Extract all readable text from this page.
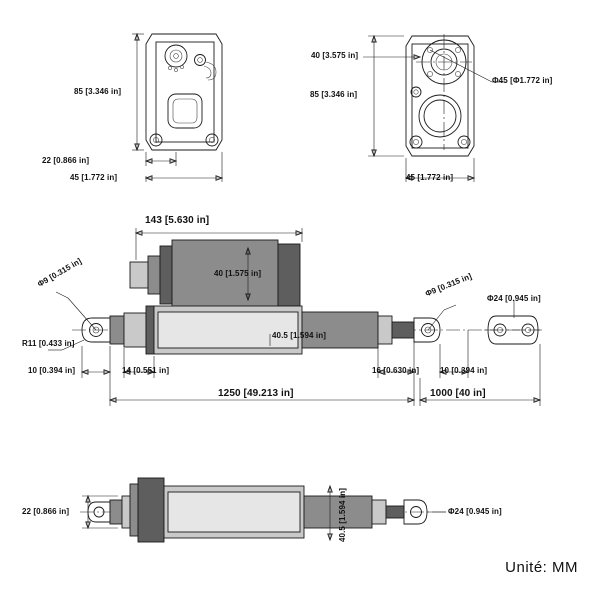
85 [3.346 in]
22 [0.866 in]
45 [1.772 in]
40 [3.575 in]
85 [3.346 in]
Φ45 [Φ1.772 in]
45 [1.772 in]
143 [5.630 in]
40 [1.575 in]
Φ9 [0.315 in]
R11 [0.433 in]
40.5 [1.594 in]
Φ9 [0.315 in]
Φ24 [0.945 in]
10 [0.394 in]	14 [0.551 in]	16 [0.630 in]	10 [0.394 in]
1250 [49.213 in]	1000 [40 in]
22 [0.866 in]	40.5 [1.594 in]	Φ24 [0.945 in]
Unité: MM
